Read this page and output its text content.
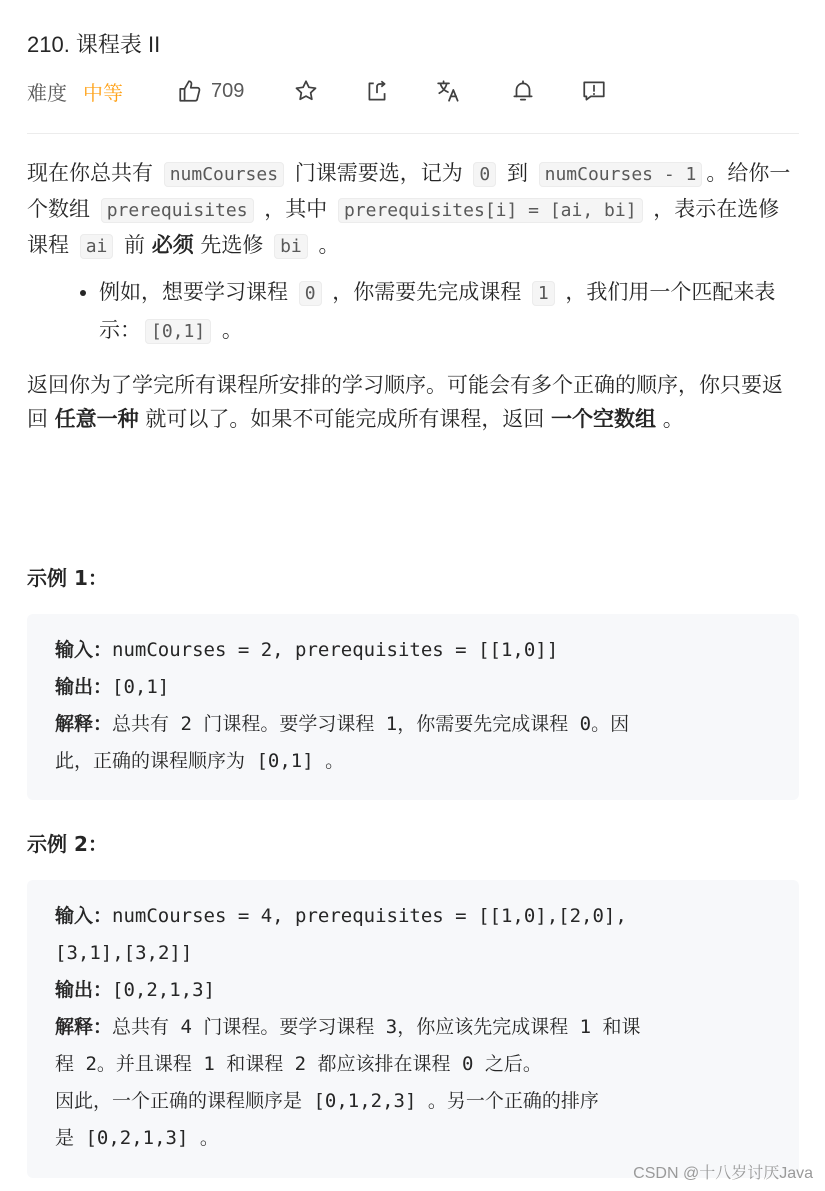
210. 课程表 II
难度 中等	709

现在你总共有 numCourses 门课需要选，记为 0 到 numCourses - 1 。给你一个数组 prerequisites ，其中 prerequisites[i] = [ai, bi] ，表示在选修课程 ai 前 必须 先选修 bi 。

• 例如，想要学习课程 0 ，你需要先完成课程 1 ，我们用一个匹配来表示： [0,1] 。

返回你为了学完所有课程所安排的学习顺序。可能会有多个正确的顺序，你只要返回 任意一种 就可以了。如果不可能完成所有课程，返回 一个空数组 。

示例 1：
输入：numCourses = 2, prerequisites = [[1,0]]
输出：[0,1]
解释：总共有 2 门课程。要学习课程 1，你需要先完成课程 0。因
此，正确的课程顺序为 [0,1] 。
示例 2：
输入：numCourses = 4, prerequisites = [[1,0],[2,0],
[3,1],[3,2]]
输出：[0,2,1,3]
解释：总共有 4 门课程。要学习课程 3，你应该先完成课程 1 和课
程 2。并且课程 1 和课程 2 都应该排在课程 0 之后。
因此，一个正确的课程顺序是 [0,1,2,3] 。另一个正确的排序
是 [0,2,1,3] 。
CSDN @十八岁讨厌Java
